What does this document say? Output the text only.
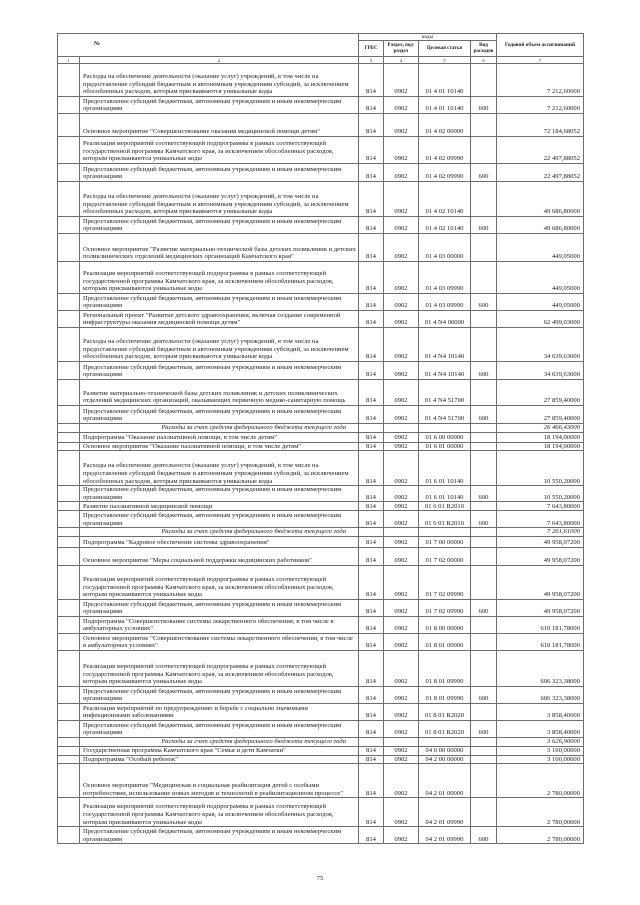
№		коды				Годовой объем ассигнований
		ГРБС	Раздел, под-раздел	Целевая статья	Вид расходов	
1	2	3	4	5	6	7
	Расходы на обеспечение деятельности (оказание услуг) учреждений, в том числе на предоставление субсидий бюджетным и автономным учреждениям субсидий, за исключением обособленных расходов, которым присваиваются уникальные коды	814	0902	01 4 01 10140		7 212,60000
	Предоставление субсидий бюджетным, автономным учреждениям и иным некоммерческим организациям	814	0902	01 4 01 10140	600	7 212,60000
	Основное мероприятие "Совершенствование оказания медицинской помощи детям"	814	0902	01 4 02 00000		72 184,68052
	Реализация мероприятий соответствующей подпрограммы в рамках соответствующей государственной программы Камчатского края, за исключением обособленных расходов, которым присваиваются уникальные коды	814	0902	01 4 02 09990		22 497,88052
	Предоставление субсидий бюджетным, автономным учреждениям и иным некоммерческим организациям	814	0902	01 4 02 09990	600	22 497,88052
	Расходы на обеспечение деятельности (оказание услуг) учреждений, в том числе на предоставление субсидий бюджетным и автономным учреждениям субсидий, за исключением обособленных расходов, которым присваиваются уникальные коды	814	0902	01 4 02 10140		49 686,80000
	Предоставление субсидий бюджетным, автономным учреждениям и иным некоммерческим организациям	814	0902	01 4 02 10140	600	49 686,80000
	Основное мероприятие "Развитие материально-технической базы детских поликлиник и детских поликлинических отделений медицинских организаций Камчатского края"	814	0902	01 4 03 00000		449,05000
	Реализация мероприятий соответствующей подпрограммы в рамках соответствующей государственной программы Камчатского края, за исключением обособленных расходов, которым присваиваются уникальные коды	814	0902	01 4 03 09990		449,05000
	Предоставление субсидий бюджетным, автономным учреждениям и иным некоммерческим организациям	814	0902	01 4 03 09990	600	449,05000
	Региональный проект "Развитие детского здравоохранения, включая создание современной инфраструктуры оказания медицинской помощи детям"	814	0902	01 4 N4 00000		62 499,03000
	Расходы на обеспечение деятельности (оказание услуг) учреждений, в том числе на предоставление субсидий бюджетным и автономным учреждениям субсидий, за исключением обособленных расходов, которым присваиваются уникальные коды	814	0902	01 4 N4 10140		34 639,63000
	Предоставление субсидий бюджетным, автономным учреждениям и иным некоммерческим организациям	814	0902	01 4 N4 10140	600	34 639,63000
	Развитие материально-технической базы детских поликлиник и детских поликлинических отделений медицинских организаций, оказывающих первичную медико-санитарную помощь	814	0902	01 4 N4 51700		27 859,40000
	Предоставление субсидий бюджетным, автономным учреждениям и иным некоммерческим организациям	814	0902	01 4 N4 51700	600	27 859,40000
	Расходы за счет средств федерального бюджета текущего года					26 466,43000
	Подпрограмма "Оказание паллиативной помощи, в том числе детям"	814	0902	01 6 00 00000		18 194,00000
	Основное мероприятие "Оказание паллиативной помощи, в том числе детям"	814	0902	01 6 01 00000		18 194,00000
	Расходы на обеспечение деятельности (оказание услуг) учреждений, в том числе на предоставление субсидий бюджетным и автономным учреждениям субсидий, за исключением обособленных расходов, которым присваиваются уникальные коды	814	0902	01 6 01 10140		10 550,20000
	Предоставление субсидий бюджетным, автономным учреждениям и иным некоммерческим организациям	814	0902	01 6 01 10140	600	10 550,20000
	Развитие паллиативной медицинской помощи	814	0902	01 6 01 R2010		7 643,80000
	Предоставление субсидий бюджетным, автономным учреждениям и иным некоммерческим организациям	814	0902	01 6 01 R2010	600	7 643,80000
	Расходы за счет средств федерального бюджета текущего года					7 261,61000
	Подпрограмма "Кадровое обеспечение системы здравоохранения"	814	0902	01 7 00 00000		49 958,07200
	Основное мероприятие "Меры социальной поддержки медицинских работников"	814	0902	01 7 02 00000		49 958,07200
	Реализация мероприятий соответствующей подпрограммы в рамках соответствующей государственной программы Камчатского края, за исключением обособленных расходов, которым присваиваются уникальные коды	814	0902	01 7 02 09990		49 958,07200
	Предоставление субсидий бюджетным, автономным учреждениям и иным некоммерческим организациям	814	0902	01 7 02 09990	600	49 958,07200
	Подпрограмма "Совершенствование системы лекарственного обеспечения, в том числе в амбулаторных условиях"	814	0902	01 8 00 00000		610 181,78000
	Основное мероприятие "Совершенствование системы лекарственного обеспечения, в том числе в амбулаторных условиях"	814	0902	01 8 01 00000		610 181,78000
	Реализация мероприятий соответствующей подпрограммы в рамках соответствующей государственной программы Камчатского края, за исключением обособленных расходов, которым присваиваются уникальные коды	814	0902	01 8 01 09990		606 323,38000
	Предоставление субсидий бюджетным, автономным учреждениям и иным некоммерческим организациям	814	0902	01 8 01 09990	600	606 323,38000
	Реализация мероприятий по предупреждению и борьбе с социально значимыми инфекционными заболеваниями	814	0902	01 8 01 R2020		3 858,40000
	Предоставление субсидий бюджетным, автономным учреждениям и иным некоммерческим организациям	814	0902	01 8 01 R2020	600	3 858,40000
	Расходы за счет средств федерального бюджета текущего года					3 626,90000
	Государственная программа Камчатского края "Семья и дети Камчатки"	814	0902	04 0 00 00000		3 100,00000
	Подпрограмма "Особый ребенок"	814	0902	04 2 00 00000		3 100,00000
	Основное мероприятие "Медицинская и социальная реабилитация детей с особыми потребностями, использование новых методов и технологий в реабилитационном процессе"	814	0902	04 2 01 00000		2 780,00000
	Реализация мероприятий соответствующей подпрограммы в рамках соответствующей государственной программы Камчатского края, за исключением обособленных расходов, которым присваиваются уникальные коды	814	0902	04 2 01 09990		2 780,00000
	Предоставление субсидий бюджетным, автономным учреждениям и иным некоммерческим организациям	814	0902	04 2 01 09990	600	2 780,00000
75
